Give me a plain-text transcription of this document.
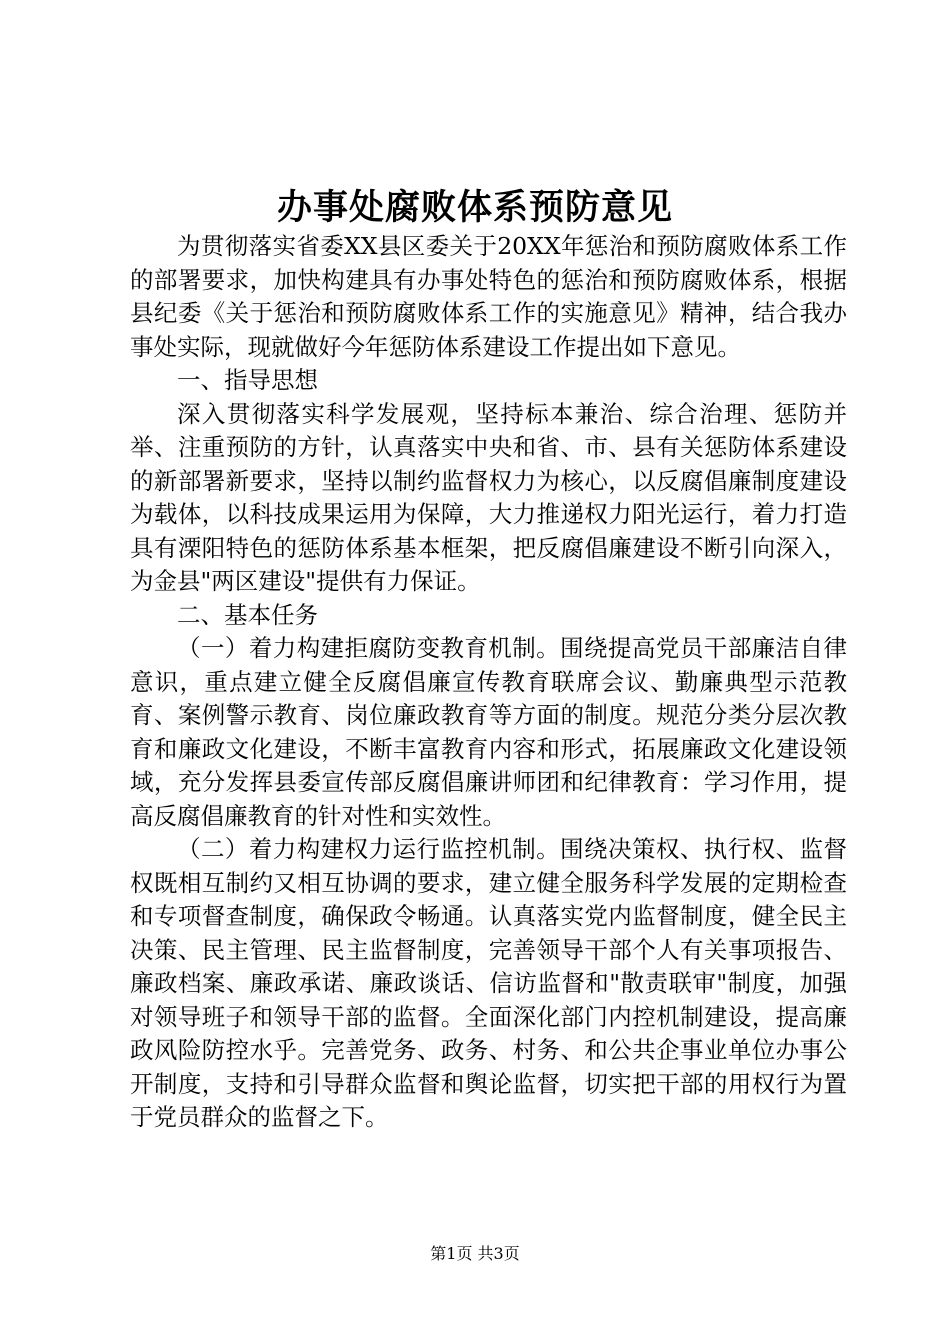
办事处腐败体系预防意见

为贯彻落实省委XX县区委关于20XX年惩治和预防腐败体系工作的部署要求，加快构建具有办事处特色的惩治和预防腐败体系，根据县纪委《关于惩治和预防腐败体系工作的实施意见》精神，结合我办事处实际，现就做好今年惩防体系建设工作提出如下意见。

一、指导思想

深入贯彻落实科学发展观，坚持标本兼治、综合治理、惩防并举、注重预防的方针，认真落实中央和省、市、县有关惩防体系建设的新部署新要求，坚持以制约监督权力为核心，以反腐倡廉制度建设为载体，以科技成果运用为保障，大力推递权力阳光运行，着力打造具有溧阳特色的惩防体系基本框架，把反腐倡廉建设不断引向深入，为金县"两区建设"提供有力保证。

二、基本任务

（一）着力构建拒腐防变教育机制。围绕提高党员干部廉洁自律意识，重点建立健全反腐倡廉宣传教育联席会议、勤廉典型示范教育、案例警示教育、岗位廉政教育等方面的制度。规范分类分层次教育和廉政文化建设，不断丰富教育内容和形式，拓展廉政文化建设领域，充分发挥县委宣传部反腐倡廉讲师团和纪律教育：学习作用，提高反腐倡廉教育的针对性和实效性。

（二）着力构建权力运行监控机制。围绕决策权、执行权、监督权既相互制约又相互协调的要求，建立健全服务科学发展的定期检查和专项督查制度，确保政令畅通。认真落实党内监督制度，健全民主决策、民主管理、民主监督制度，完善领导干部个人有关事项报告、廉政档案、廉政承诺、廉政谈话、信访监督和"散责联审"制度，加强对领导班子和领导干部的监督。全面深化部门内控机制建设，提高廉政风险防控水乎。完善党务、政务、村务、和公共企事业单位办事公开制度，支持和引导群众监督和舆论监督，切实把干部的用权行为置于党员群众的监督之下。

第1页 共3页
